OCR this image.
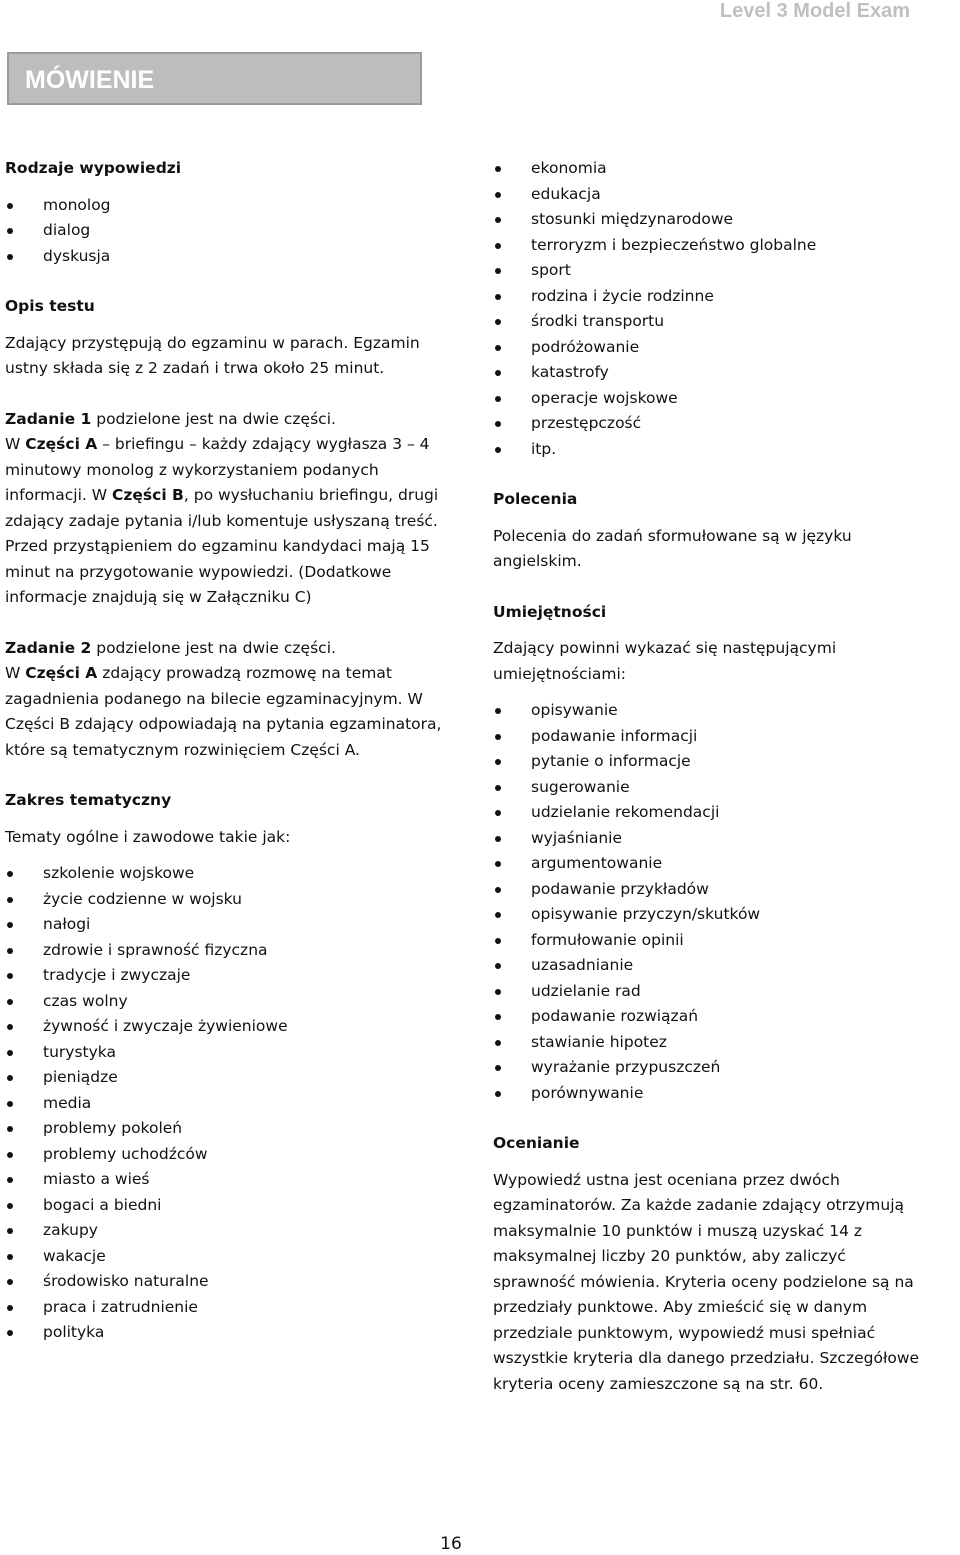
Level 3 Model Exam
MÓWIENIE
Rodzaje wypowiedzi
monolog
dialog
dyskusja
Opis testu

Zdający przystępują do egzaminu w parach. Egzamin ustny składa się z 2 zadań i trwa około 25 minut.

Zadanie 1 podzielone jest na dwie części.
W Części A – briefingu – każdy zdający wygłasza 3 – 4 minutowy monolog z wykorzystaniem podanych informacji. W Części B, po wysłuchaniu briefingu, drugi zdający zadaje pytania i/lub komentuje usłyszaną treść. Przed przystąpieniem do egzaminu kandydaci mają 15 minut na przygotowanie wypowiedzi. (Dodatkowe informacje znajdują się w Załączniku C)

Zadanie 2 podzielone jest na dwie części.
W Części A zdający prowadzą rozmowę na temat zagadnienia podanego na bilecie egzaminacyjnym. W Części B zdający odpowiadają na pytania egzaminatora, które są tematycznym rozwinięciem Części A.

Zakres tematyczny

Tematy ogólne i zawodowe takie jak:

szkolenie wojskowe
życie codzienne w wojsku
nałogi
zdrowie i sprawność fizyczna
tradycje i zwyczaje
czas wolny
żywność i zwyczaje żywieniowe
turystyka
pieniądze
media
problemy pokoleń
problemy uchodźców
miasto a wieś
bogaci a biedni
zakupy
wakacje
środowisko naturalne
praca i zatrudnienie
polityka
ekonomia
edukacja
stosunki międzynarodowe
terroryzm i bezpieczeństwo globalne
sport
rodzina i życie rodzinne
środki transportu
podróżowanie
katastrofy
operacje wojskowe
przestępczość
itp.
Polecenia

Polecenia do zadań sformułowane są w języku angielskim.

Umiejętności

Zdający powinni wykazać się następującymi umiejętnościami:

opisywanie
podawanie informacji
pytanie o informacje
sugerowanie
udzielanie rekomendacji
wyjaśnianie
argumentowanie
podawanie przykładów
opisywanie przyczyn/skutków
formułowanie opinii
uzasadnianie
udzielanie rad
podawanie rozwiązań
stawianie hipotez
wyrażanie przypuszczeń
porównywanie
Ocenianie

Wypowiedź ustna jest oceniana przez dwóch egzaminatorów. Za każde zadanie zdający otrzymują maksymalnie 10 punktów i muszą uzyskać 14 z maksymalnej liczby 20 punktów, aby zaliczyć sprawność mówienia. Kryteria oceny podzielone są na przedziały punktowe. Aby zmieścić się w danym przedziale punktowym, wypowiedź musi spełniać wszystkie kryteria dla danego przedziału. Szczegółowe kryteria oceny zamieszczone są na str. 60.

16
